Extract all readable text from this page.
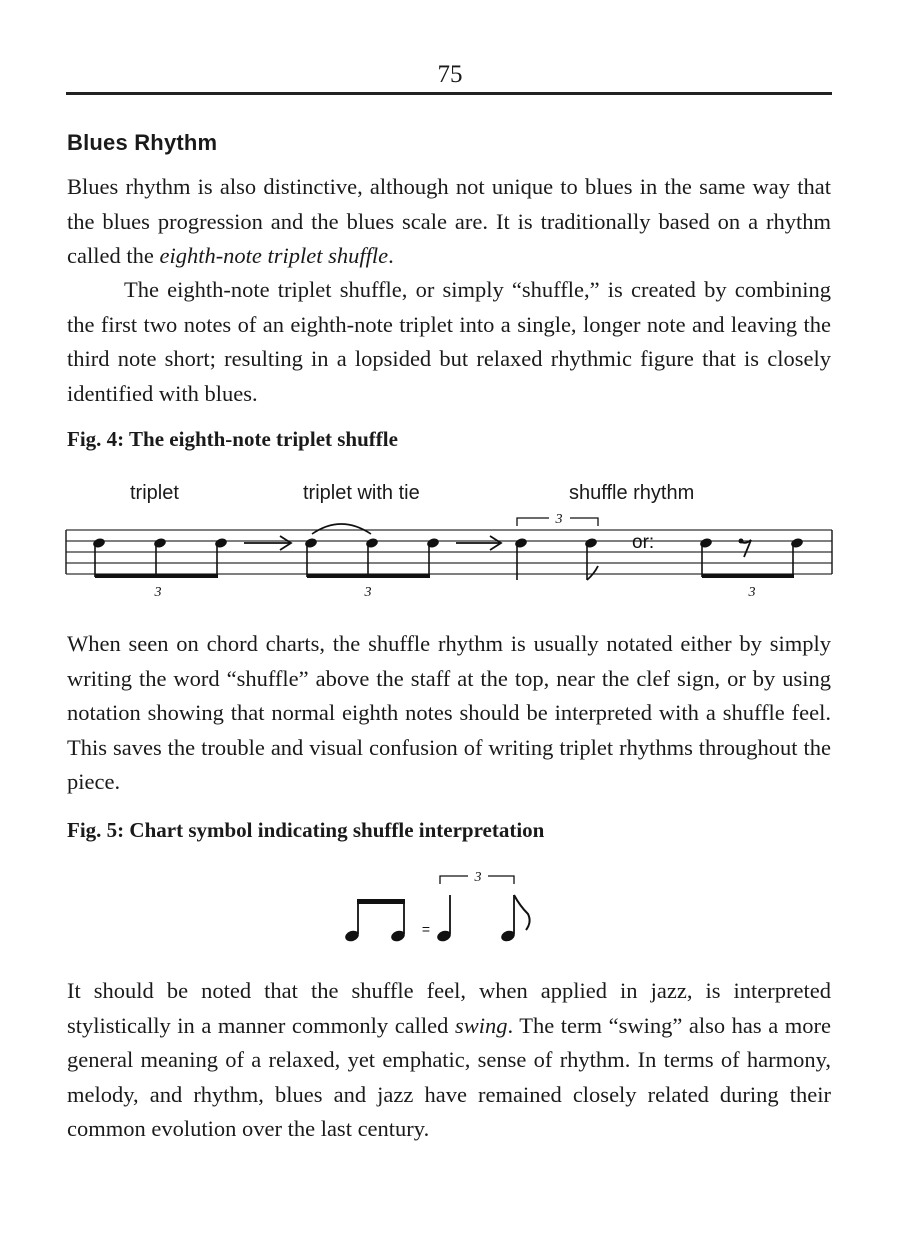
75
Blues Rhythm

Blues rhythm is also distinctive, although not unique to blues in the same way that the blues progression and the blues scale are. It is traditionally based on a rhythm called the eighth-note triplet shuffle.

The eighth-note triplet shuffle, or simply “shuffle,” is created by combining the first two notes of an eighth-note triplet into a single, longer note and leaving the third note short; resulting in a lopsided but relaxed rhythmic figure that is closely identified with blues.

Fig. 4: The eighth-note triplet shuffle
triplet	triplet with tie	shuffle rhythm
3	3
3
or:
3
=
3

When seen on chord charts, the shuffle rhythm is usually notated either by simply writing the word “shuffle” above the staff at the top, near the clef sign, or by using notation showing that normal eighth notes should be interpreted with a shuffle feel. This saves the trouble and visual confusion of writing triplet rhythms throughout the piece.

Fig. 5: Chart symbol indicating shuffle interpretation

It should be noted that the shuffle feel, when applied in jazz, is interpreted stylistically in a manner commonly called swing. The term “swing” also has a more general meaning of a relaxed, yet emphatic, sense of rhythm. In terms of harmony, melody, and rhythm, blues and jazz have remained closely related during their common evolution over the last century.
